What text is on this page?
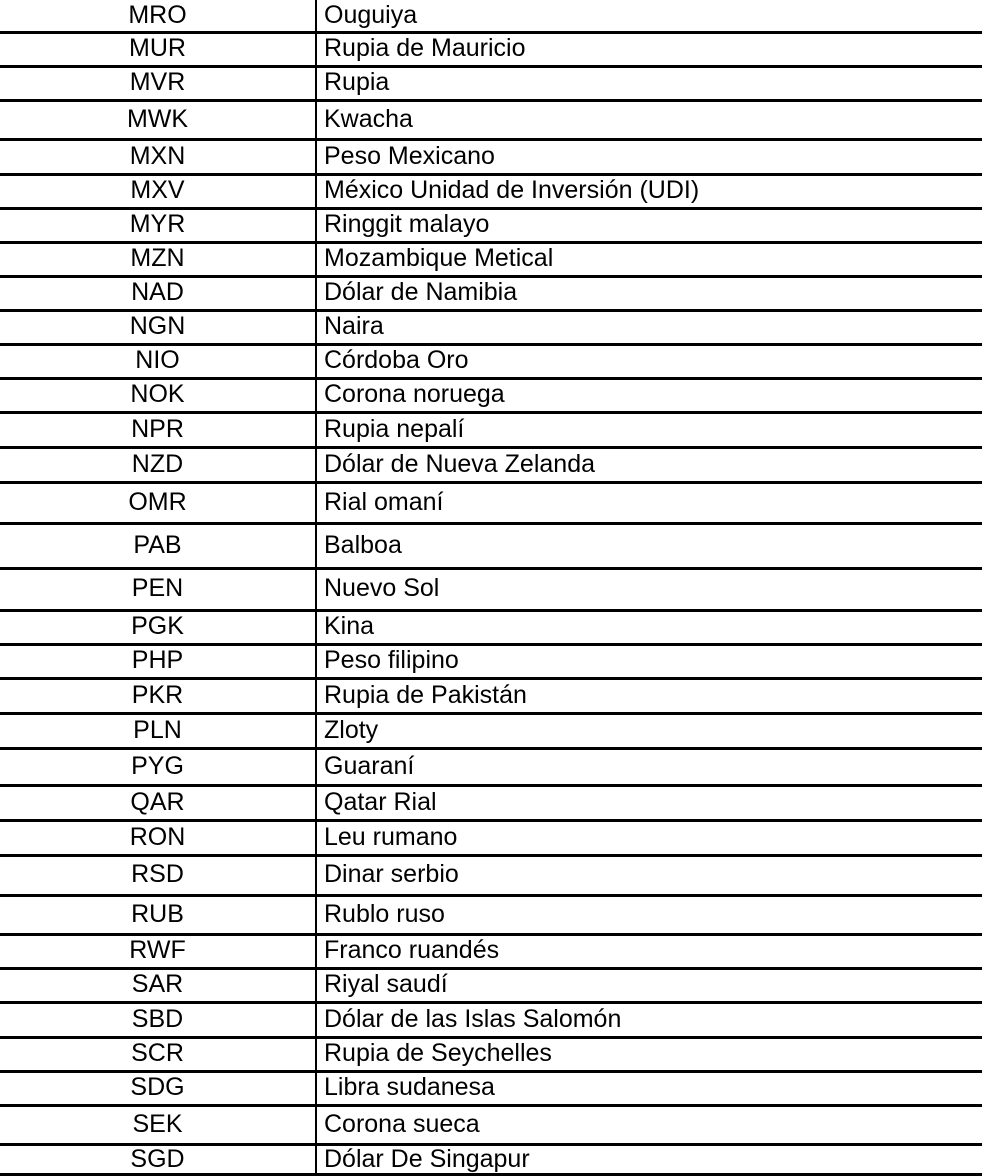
MRO	Ouguiya
MUR	Rupia de Mauricio
MVR	Rupia
MWK	Kwacha
MXN	Peso Mexicano
MXV	México Unidad de Inversión (UDI)
MYR	Ringgit malayo
MZN	Mozambique Metical
NAD	Dólar de Namibia
NGN	Naira
NIO	Córdoba Oro
NOK	Corona noruega
NPR	Rupia nepalí
NZD	Dólar de Nueva Zelanda
OMR	Rial omaní
PAB	Balboa
PEN	Nuevo Sol
PGK	Kina
PHP	Peso filipino
PKR	Rupia de Pakistán
PLN	Zloty
PYG	Guaraní
QAR	Qatar Rial
RON	Leu rumano
RSD	Dinar serbio
RUB	Rublo ruso
RWF	Franco ruandés
SAR	Riyal saudí
SBD	Dólar de las Islas Salomón
SCR	Rupia de Seychelles
SDG	Libra sudanesa
SEK	Corona sueca
SGD	Dólar De Singapur
